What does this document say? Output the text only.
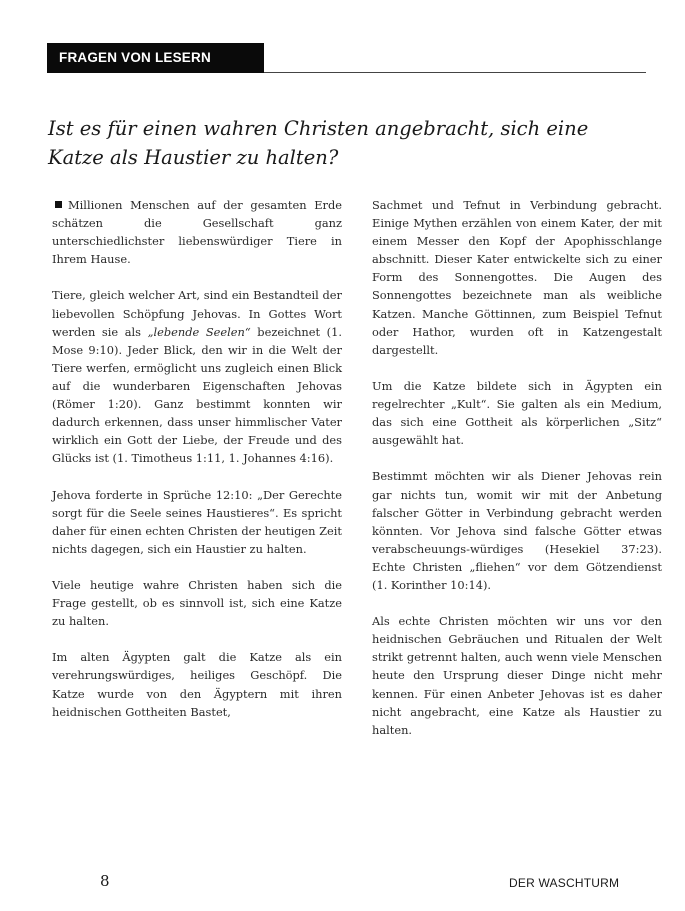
FRAGEN VON LESERN
Ist es für einen wahren Christen angebracht, sich eine Katze als Haustier zu halten?

Millionen Menschen auf der gesamten Erde schätzen die Gesellschaft ganz unterschiedlichster liebenswürdiger Tiere in Ihrem Hause.

Tiere, gleich welcher Art, sind ein Bestandteil der liebevollen Schöpfung Jehovas. In Gottes Wort werden sie als „lebende Seelen“ bezeichnet (1. Mose 9:10). Jeder Blick, den wir in die Welt der Tiere werfen, ermöglicht uns zugleich einen Blick auf die wunderbaren Eigenschaften Jehovas (Römer 1:20). Ganz bestimmt konnten wir dadurch erkennen, dass unser himmlischer Vater wirklich ein Gott der Liebe, der Freude und des Glücks ist (1. Timotheus 1:11, 1. Johannes 4:16).

Jehova forderte in Sprüche 12:10: „Der Gerechte sorgt für die Seele seines Haustieres“. Es spricht daher für einen echten Christen der heutigen Zeit nichts dagegen, sich ein Haustier zu halten.

Viele heutige wahre Christen haben sich die Frage gestellt, ob es sinnvoll ist, sich eine Katze zu halten.

Im alten Ägypten galt die Katze als ein verehrungswürdiges, heiliges Geschöpf. Die Katze wurde von den Ägyptern mit ihren heidnischen Gottheiten Bastet,

Sachmet und Tefnut in Verbindung gebracht. Einige Mythen erzählen von einem Kater, der mit einem Messer den Kopf der Apophisschlange abschnitt. Dieser Kater entwickelte sich zu einer Form des Sonnengottes. Die Augen des Sonnengottes bezeichnete man als weibliche Katzen. Manche Göttinnen, zum Beispiel Tefnut oder Hathor, wurden oft in Katzengestalt dargestellt.

Um die Katze bildete sich in Ägypten ein regelrechter „Kult“. Sie galten als ein Medium, das sich eine Gottheit als körperlichen „Sitz“ ausgewählt hat.

Bestimmt möchten wir als Diener Jehovas rein gar nichts tun, womit wir mit der Anbetung falscher Götter in Verbindung gebracht werden könnten. Vor Jehova sind falsche Götter etwas verabscheuungs-würdiges (Hesekiel 37:23). Echte Christen „fliehen“ vor dem Götzendienst (1. Korinther 10:14).

Als echte Christen möchten wir uns vor den heidnischen Gebräuchen und Ritualen der Welt strikt getrennt halten, auch wenn viele Menschen heute den Ursprung dieser Dinge nicht mehr kennen. Für einen Anbeter Jehovas ist es daher nicht angebracht, eine Katze als Haustier zu halten.

8	DER WASCHTURM
